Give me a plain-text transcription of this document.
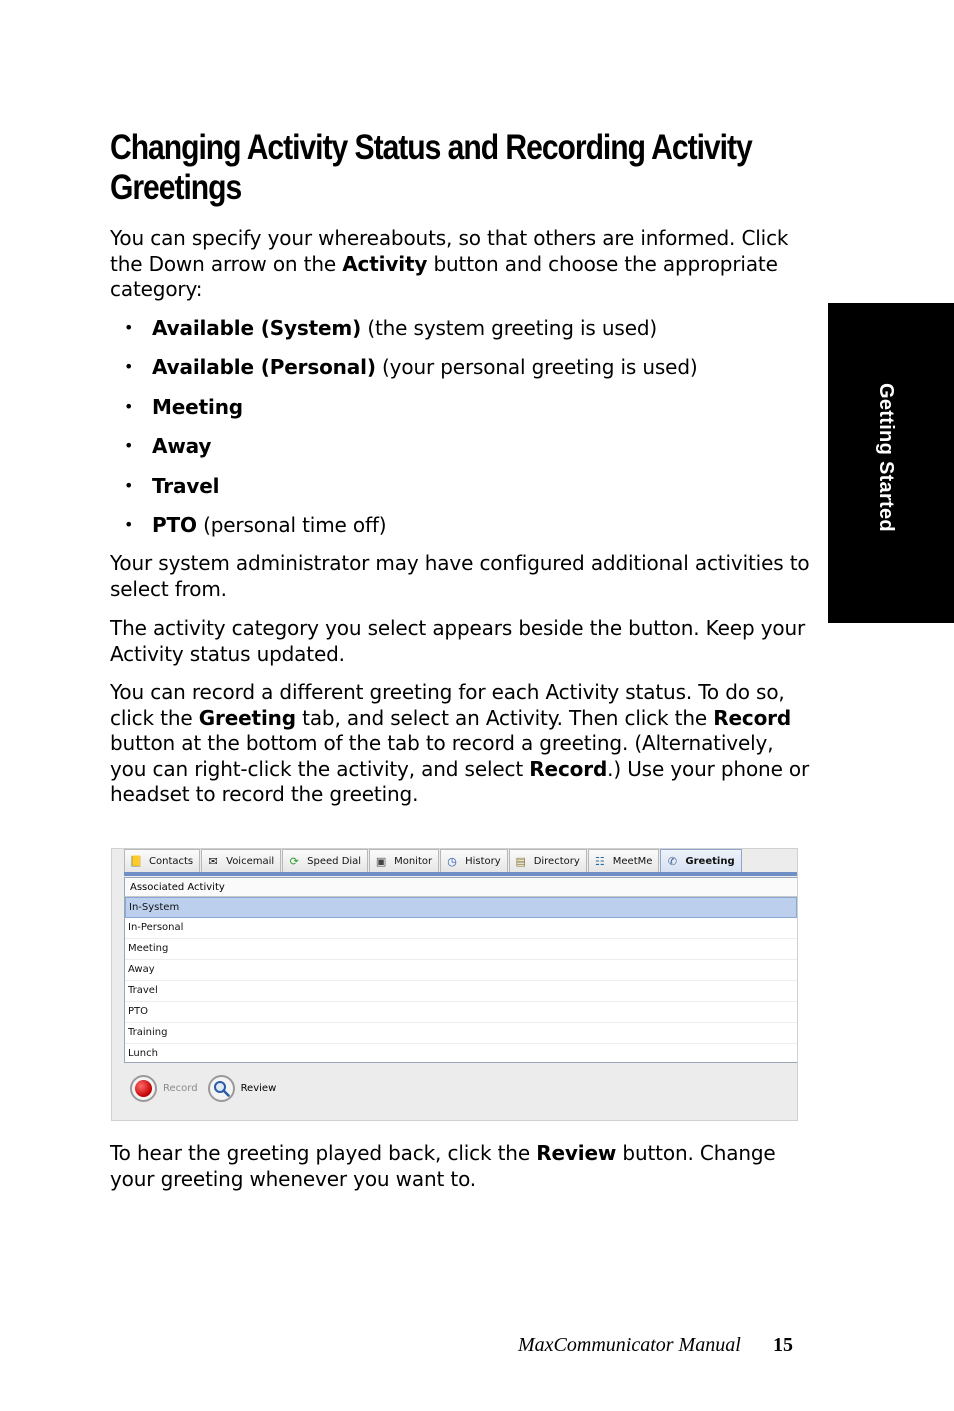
Changing Activity Status and Recording Activity Greetings

You can specify your whereabouts, so that others are informed. Click the Down arrow on the Activity button and choose the appropriate category:

• Available (System) (the system greeting is used)
• Available (Personal) (your personal greeting is used)
• Meeting
• Away
• Travel
• PTO (personal time off)

Your system administrator may have configured additional activities to select from.

The activity category you select appears beside the button. Keep your Activity status updated.

You can record a different greeting for each Activity status. To do so, click the Greeting tab, and select an Activity. Then click the Record button at the bottom of the tab to record a greeting. (Alternatively, you can right-click the activity, and select Record.) Use your phone or headset to record the greeting.

Getting Started
📒 Contacts ✉ Voicemail ⟳ Speed Dial ▣ Monitor ◷ History ▤ Directory ☷ MeetMe ✆ Greeting
Associated Activity
In-System
In-Personal
Meeting
Away
Travel
PTO
Training
Lunch
Record	Review

To hear the greeting played back, click the Review button. Change your greeting whenever you want to.

MaxCommunicator Manual 15
